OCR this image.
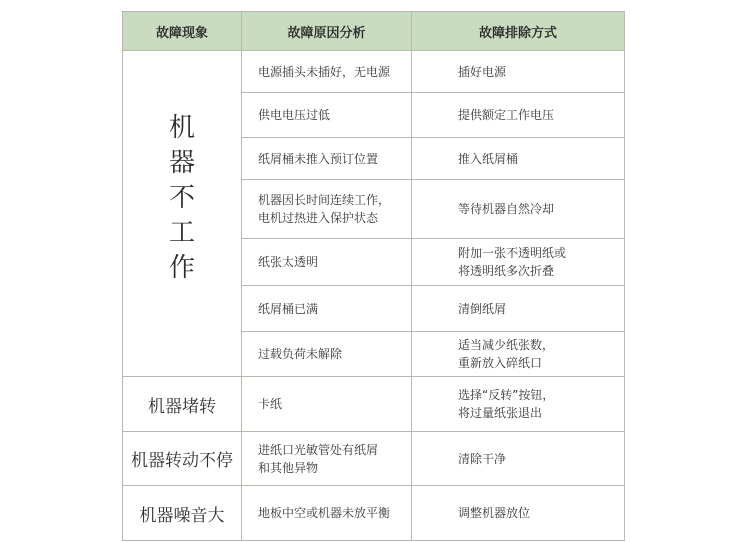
故障现象	故障原因分析	故障排除方式
机器不工作	电源插头未插好，无电源	插好电源

	供电电压过低	提供额定工作电压

	纸屑桶未推入预订位置	推入纸屑桶

	机器因长时间连续工作，
电机过热进入保护状态	等待机器自然冷却

	纸张太透明	附加一张不透明纸或
将透明纸多次折叠

	纸屑桶已满	清倒纸屑

	过载负荷未解除	适当减少纸张数，
重新放入碎纸口

机器堵转	卡纸	选择“反转”按钮，
将过量纸张退出

机器转动不停	进纸口光敏管处有纸屑
和其他异物	清除干净

机器噪音大	地板中空或机器未放平衡	调整机器放位
